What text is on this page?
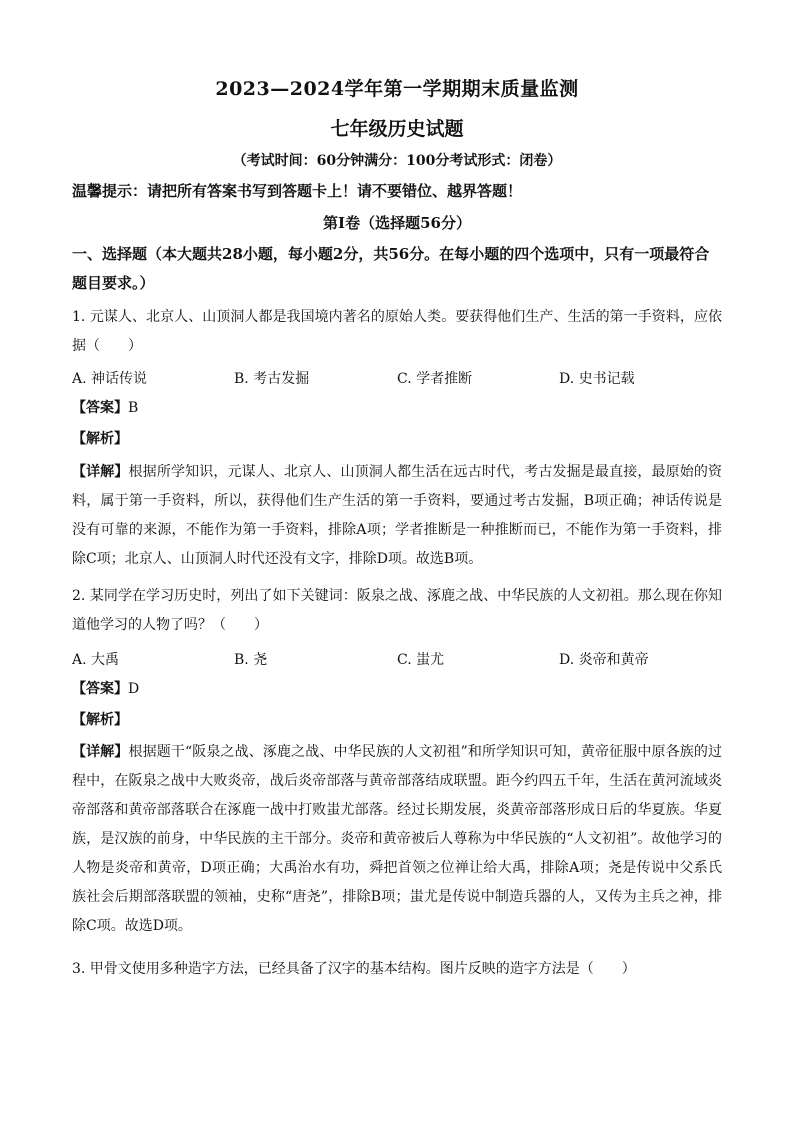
2023—2024学年第一学期期末质量监测
七年级历史试题
（考试时间：60分钟满分：100分考试形式：闭卷）
温馨提示：请把所有答案书写到答题卡上！请不要错位、越界答题！
第Ⅰ卷（选择题56分）
一、选择题（本大题共28小题，每小题2分，共56分。在每小题的四个选项中，只有一项最符合题目要求。）
1. 元谋人、北京人、山顶洞人都是我国境内著名的原始人类。要获得他们生产、生活的第一手资料，应依据（　　）
A. 神话传说	B. 考古发掘	C. 学者推断	D. 史书记载
【答案】B
【解析】
【详解】根据所学知识，元谋人、北京人、山顶洞人都生活在远古时代，考古发掘是最直接，最原始的资料，属于第一手资料，所以，获得他们生产生活的第一手资料，要通过考古发掘，B项正确；神话传说是没有可靠的来源，不能作为第一手资料，排除A项；学者推断是一种推断而已，不能作为第一手资料，排除C项；北京人、山顶洞人时代还没有文字，排除D项。故选B项。
2. 某同学在学习历史时，列出了如下关键词：阪泉之战、涿鹿之战、中华民族的人文初祖。那么现在你知道他学习的人物了吗？（　　）
A. 大禹	B. 尧	C. 蚩尤	D. 炎帝和黄帝
【答案】D
【解析】
【详解】根据题干“阪泉之战、涿鹿之战、中华民族的人文初祖”和所学知识可知，黄帝征服中原各族的过程中，在阪泉之战中大败炎帝，战后炎帝部落与黄帝部落结成联盟。距今约四五千年，生活在黄河流域炎帝部落和黄帝部落联合在涿鹿一战中打败蚩尤部落。经过长期发展，炎黄帝部落形成日后的华夏族。华夏族，是汉族的前身，中华民族的主干部分。炎帝和黄帝被后人尊称为中华民族的“人文初祖”。故他学习的人物是炎帝和黄帝，D项正确；大禹治水有功，舜把首领之位禅让给大禹，排除A项；尧是传说中父系氏族社会后期部落联盟的领袖，史称“唐尧”，排除B项；蚩尤是传说中制造兵器的人，又传为主兵之神，排除C项。故选D项。
3. 甲骨文使用多种造字方法，已经具备了汉字的基本结构。图片反映的造字方法是（　　）
